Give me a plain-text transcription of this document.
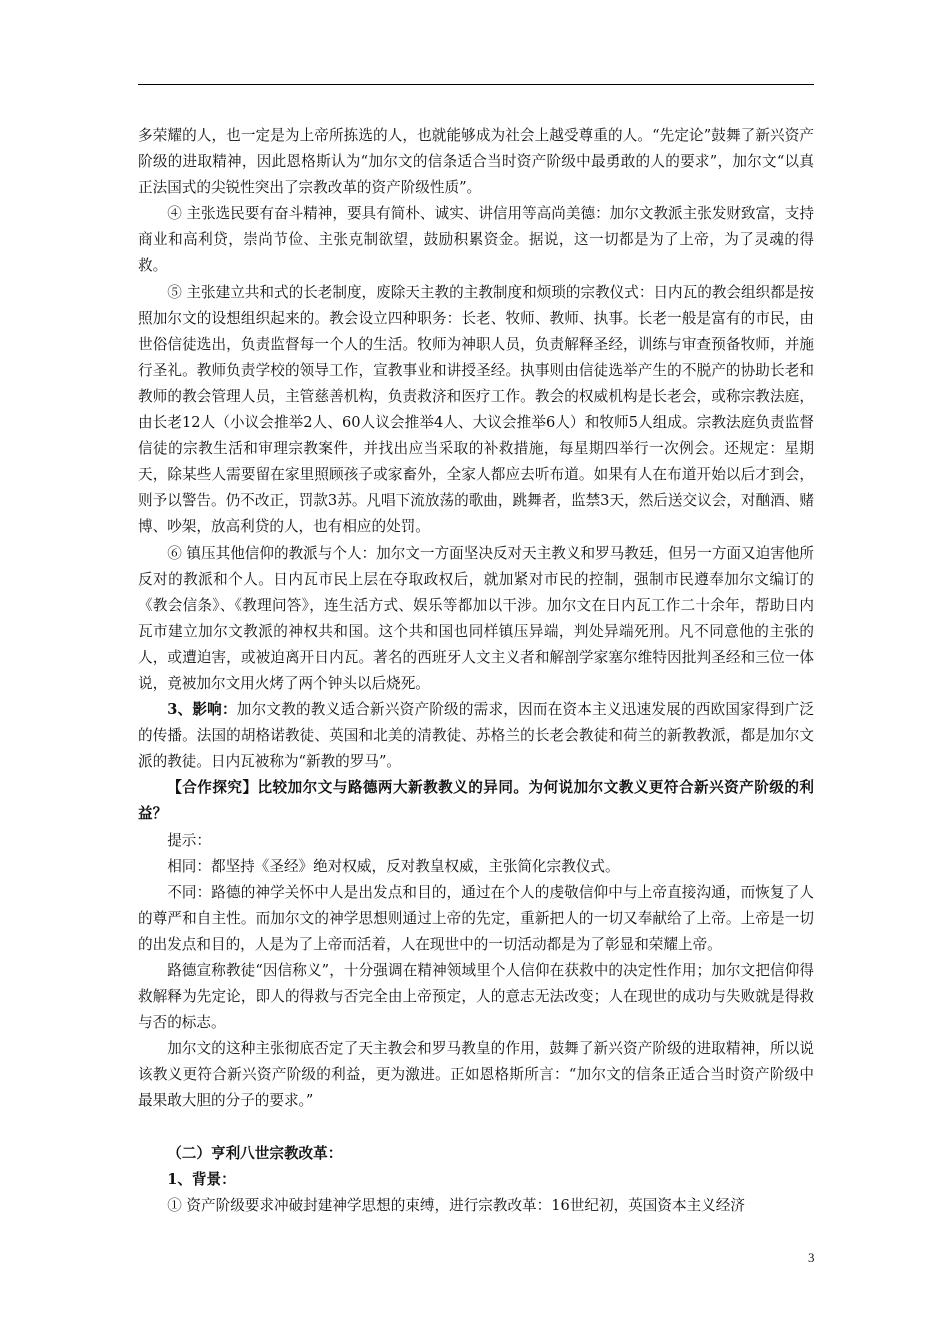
多荣耀的人，也一定是为上帝所拣选的人，也就能够成为社会上越受尊重的人。“先定论”鼓舞了新兴资产阶级的进取精神，因此恩格斯认为“加尔文的信条适合当时资产阶级中最勇敢的人的要求”，加尔文“以真正法国式的尖锐性突出了宗教改革的资产阶级性质”。

④ 主张选民要有奋斗精神，要具有简朴、诚实、讲信用等高尚美德：加尔文教派主张发财致富，支持商业和高利贷，崇尚节俭、主张克制欲望，鼓励积累资金。据说，这一切都是为了上帝，为了灵魂的得救。

⑤ 主张建立共和式的长老制度，废除天主教的主教制度和烦琐的宗教仪式：日内瓦的教会组织都是按照加尔文的设想组织起来的。教会设立四种职务：长老、牧师、教师、执事。长老一般是富有的市民，由世俗信徒选出，负责监督每一个人的生活。牧师为神职人员，负责解释圣经，训练与审查预备牧师，并施行圣礼。教师负责学校的领导工作，宣教事业和讲授圣经。执事则由信徒选举产生的不脱产的协助长老和教师的教会管理人员，主管慈善机构，负责救济和医疗工作。教会的权威机构是长老会，或称宗教法庭，由长老12人（小议会推举2人、60人议会推举4人、大议会推举6人）和牧师5人组成。宗教法庭负责监督信徒的宗教生活和审理宗教案件，并找出应当采取的补救措施，每星期四举行一次例会。还规定：星期天，除某些人需要留在家里照顾孩子或家畜外，全家人都应去听布道。如果有人在布道开始以后才到会，则予以警告。仍不改正，罚款3苏。凡唱下流放荡的歌曲，跳舞者，监禁3天，然后送交议会，对酗酒、赌博、吵架，放高利贷的人，也有相应的处罚。

⑥ 镇压其他信仰的教派与个人：加尔文一方面坚决反对天主教义和罗马教廷，但另一方面又迫害他所反对的教派和个人。日内瓦市民上层在夺取政权后，就加紧对市民的控制，强制市民遵奉加尔文编订的《教会信条》、《教理问答》，连生活方式、娱乐等都加以干涉。加尔文在日内瓦工作二十余年，帮助日内瓦市建立加尔文教派的神权共和国。这个共和国也同样镇压异端，判处异端死刑。凡不同意他的主张的人，或遭迫害，或被迫离开日内瓦。著名的西班牙人文主义者和解剖学家塞尔维特因批判圣经和三位一体说，竟被加尔文用火烤了两个钟头以后烧死。

3、影响：加尔文教的教义适合新兴资产阶级的需求，因而在资本主义迅速发展的西欧国家得到广泛的传播。法国的胡格诺教徒、英国和北美的清教徒、苏格兰的长老会教徒和荷兰的新教教派，都是加尔文派的教徒。日内瓦被称为“新教的罗马”。

【合作探究】比较加尔文与路德两大新教教义的异同。为何说加尔文教义更符合新兴资产阶级的利益？

提示：

相同：都坚持《圣经》绝对权威，反对教皇权威，主张简化宗教仪式。

不同：路德的神学关怀中人是出发点和目的，通过在个人的虔敬信仰中与上帝直接沟通，而恢复了人的尊严和自主性。而加尔文的神学思想则通过上帝的先定，重新把人的一切又奉献给了上帝。上帝是一切的出发点和目的，人是为了上帝而活着，人在现世中的一切活动都是为了彰显和荣耀上帝。

路德宣称教徒“因信称义”，十分强调在精神领域里个人信仰在获救中的决定性作用；加尔文把信仰得救解释为先定论，即人的得救与否完全由上帝预定，人的意志无法改变；人在现世的成功与失败就是得救与否的标志。

加尔文的这种主张彻底否定了天主教会和罗马教皇的作用，鼓舞了新兴资产阶级的进取精神，所以说该教义更符合新兴资产阶级的利益，更为激进。正如恩格斯所言：“加尔文的信条正适合当时资产阶级中最果敢大胆的分子的要求。”

（二）亨利八世宗教改革：

1、背景：

① 资产阶级要求冲破封建神学思想的束缚，进行宗教改革：16世纪初，英国资本主义经济

3
